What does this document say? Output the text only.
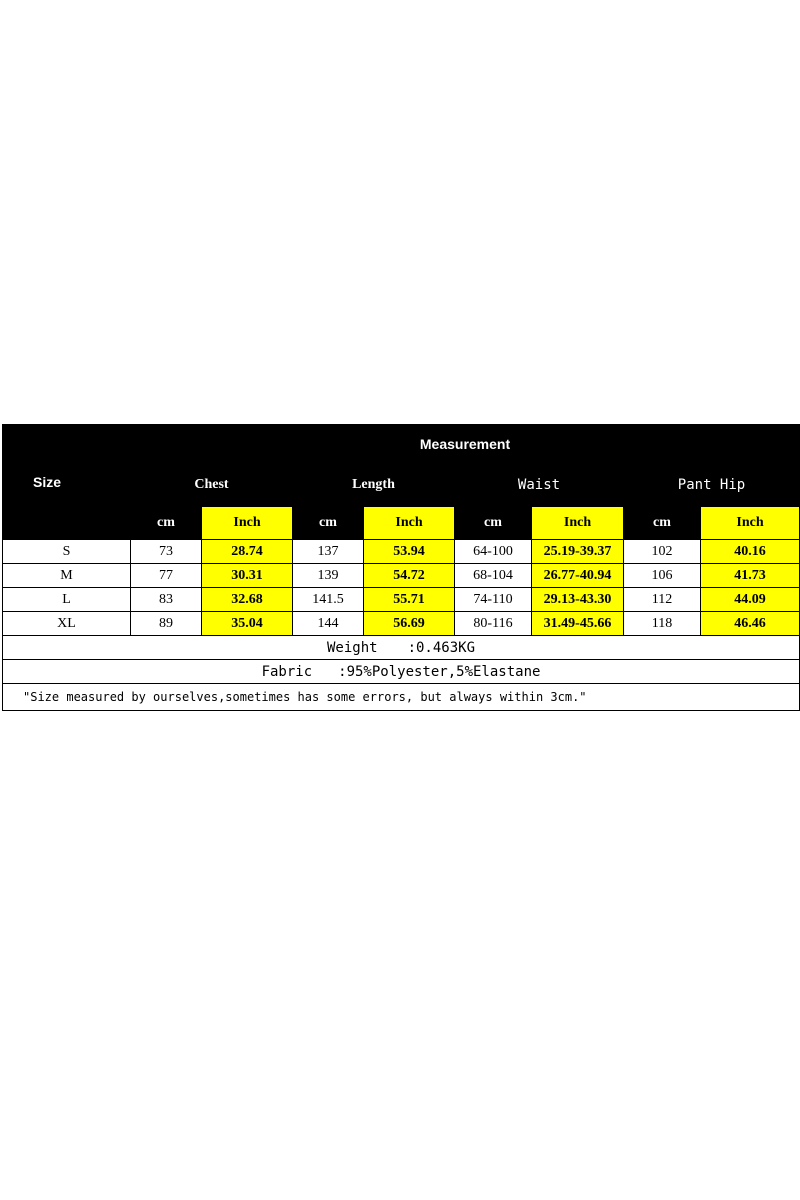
Size	Measurement							
	Chest		Length		Waist		Pant Hip	
	cm	Inch	cm	Inch	cm	Inch	cm	Inch
S	73	28.74	137	53.94	64-100	25.19-39.37	102	40.16
M	77	30.31	139	54.72	68-104	26.77-40.94	106	41.73
L	83	32.68	141.5	55.71	74-110	29.13-43.30	112	44.09
XL	89	35.04	144	56.69	80-116	31.49-45.66	118	46.46
Weight :0.463KG								
Fabric :95%Polyester,5%Elastane								
"Size measured by ourselves,sometimes has some errors, but always within 3cm."								
